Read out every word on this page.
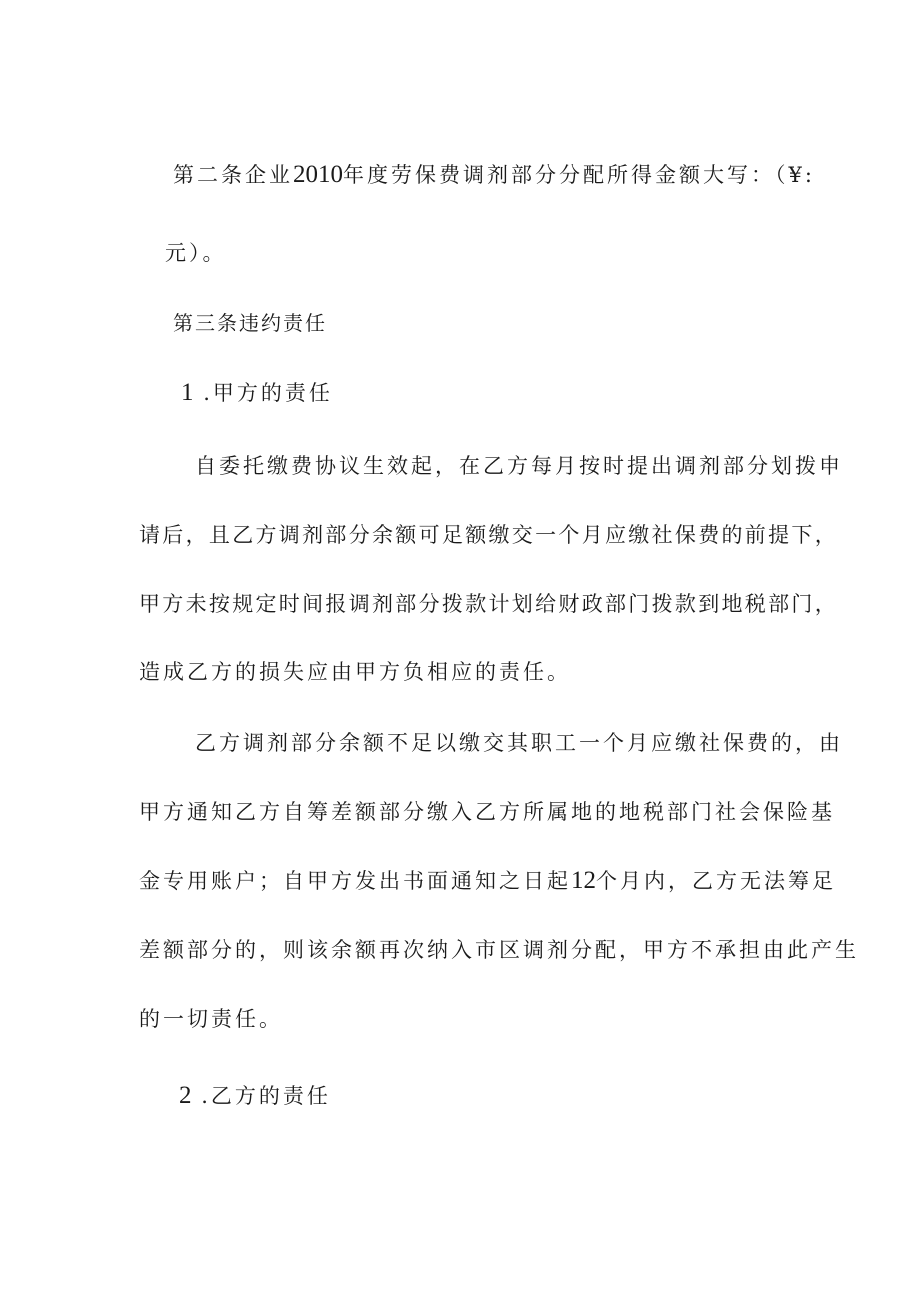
第二条企业2010年度劳保费调剂部分分配所得金额大写：（¥:
元）。
第三条违约责任
1 .甲方的责任
自委托缴费协议生效起，在乙方每月按时提出调剂部分划拨申
请后，且乙方调剂部分余额可足额缴交一个月应缴社保费的前提下，
甲方未按规定时间报调剂部分拨款计划给财政部门拨款到地税部门，
造成乙方的损失应由甲方负相应的责任。
乙方调剂部分余额不足以缴交其职工一个月应缴社保费的，由
甲方通知乙方自筹差额部分缴入乙方所属地的地税部门社会保险基
金专用账户；自甲方发出书面通知之日起12个月内，乙方无法筹足
差额部分的，则该余额再次纳入市区调剂分配，甲方不承担由此产生
的一切责任。
2 .乙方的责任
